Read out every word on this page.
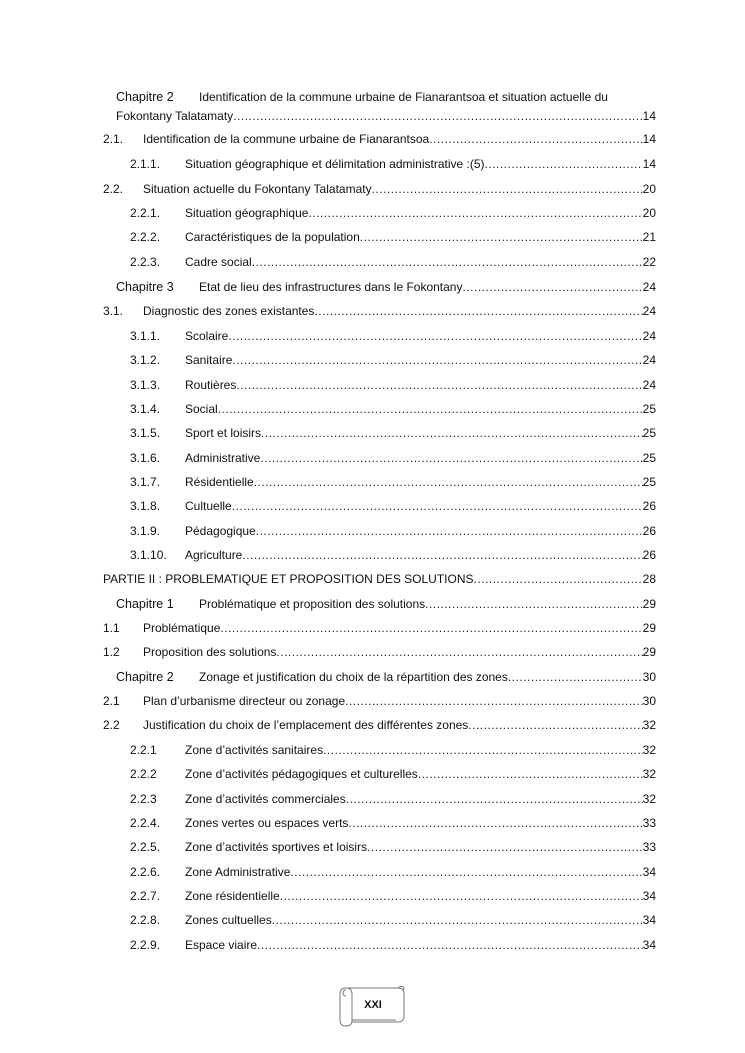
Chapitre 2 Identification de la commune urbaine de Fianarantsoa et situation actuelle du
Fokontany Talatamaty .....	14
2.1.	Identification de la commune urbaine de Fianarantsoa .....	14
2.1.1.	Situation géographique et délimitation administrative :(5) .....	14
2.2.	Situation actuelle du Fokontany Talatamaty .....	20
2.2.1.	Situation géographique .....	20
2.2.2.	Caractéristiques de la population .....	21
2.2.3.	Cadre social .....	22
Chapitre 3	Etat de lieu des infrastructures dans le Fokontany .....	24
3.1.	Diagnostic des zones existantes .....	24
3.1.1.	Scolaire .....	24
3.1.2.	Sanitaire .....	24
3.1.3.	Routières .....	24
3.1.4.	Social .....	25
3.1.5.	Sport et loisirs .....	25
3.1.6.	Administrative .....	25
3.1.7.	Résidentielle .....	25
3.1.8.	Cultuelle .....	26
3.1.9.	Pédagogique .....	26
3.1.10.	Agriculture .....	26
PARTIE II : PROBLEMATIQUE ET PROPOSITION DES SOLUTIONS .....	28
Chapitre 1	Problématique et proposition des solutions .....	29
1.1	Problématique .....	29
1.2	Proposition des solutions .....	29
Chapitre 2	Zonage et justification du choix de la répartition des zones .....	30
2.1	Plan d’urbanisme directeur ou zonage .....	30
2.2	Justification du choix de l’emplacement des différentes zones .....	32
2.2.1	Zone d’activités sanitaires .....	32
2.2.2	Zone d’activités pédagogiques et culturelles .....	32
2.2.3	Zone d’activités commerciales .....	32
2.2.4.	Zones vertes ou espaces verts .....	33
2.2.5.	Zone d’activités sportives et loisirs .....	33
2.2.6.	Zone Administrative .....	34
2.2.7.	Zone résidentielle .....	34
2.2.8.	Zones cultuelles .....	34
2.2.9.	Espace viaire .....	34
XXI
